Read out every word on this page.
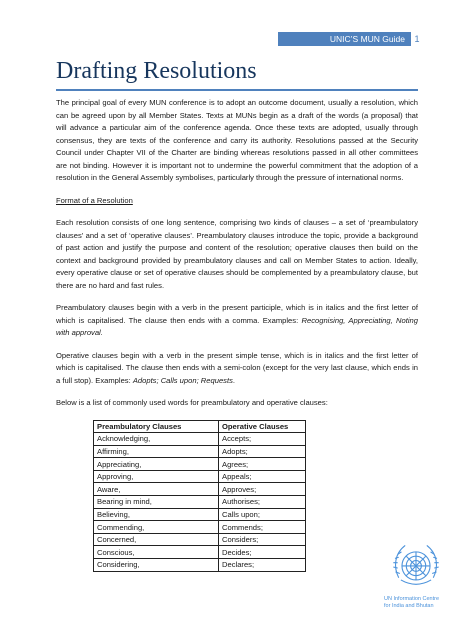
UNIC’S MUN Guide	1
Drafting Resolutions

The principal goal of every MUN conference is to adopt an outcome document, usually a resolution, which can be agreed upon by all Member States. Texts at MUNs begin as a draft of the words (a proposal) that will advance a particular aim of the conference agenda. Once these texts are adopted, usually through consensus, they are texts of the conference and carry its authority. Resolutions passed at the Security Council under Chapter VII of the Charter are binding whereas resolutions passed in all other committees are not binding. However it is important not to undermine the powerful commitment that the adoption of a resolution in the General Assembly symbolises, particularly through the pressure of international norms.

Format of a Resolution

Each resolution consists of one long sentence, comprising two kinds of clauses – a set of ‘preambulatory clauses’ and a set of ‘operative clauses’. Preambulatory clauses introduce the topic, provide a background of past action and justify the purpose and content of the resolution; operative clauses then build on the context and background provided by preambulatory clauses and call on Member States to action. Ideally, every operative clause or set of operative clauses should be complemented by a preambulatory clause, but there are no hard and fast rules.

Preambulatory clauses begin with a verb in the present participle, which is in italics and the first letter of which is capitalised. The clause then ends with a comma. Examples: Recognising, Appreciating, Noting with approval.

Operative clauses begin with a verb in the present simple tense, which is in italics and the first letter of which is capitalised. The clause then ends with a semi-colon (except for the very last clause, which ends in a full stop). Examples: Adopts; Calls upon; Requests.

Below is a list of commonly used words for preambulatory and operative clauses:

Preambulatory Clauses	Operative Clauses
Acknowledging,	Accepts;
Affirming,	Adopts;
Appreciating,	Agrees;
Approving,	Appeals;
Aware,	Approves;
Bearing in mind,	Authorises;
Believing,	Calls upon;
Commending,	Commends;
Concerned,	Considers;
Conscious,	Decides;
Considering,	Declares;
UN Information Centre
for India and Bhutan
